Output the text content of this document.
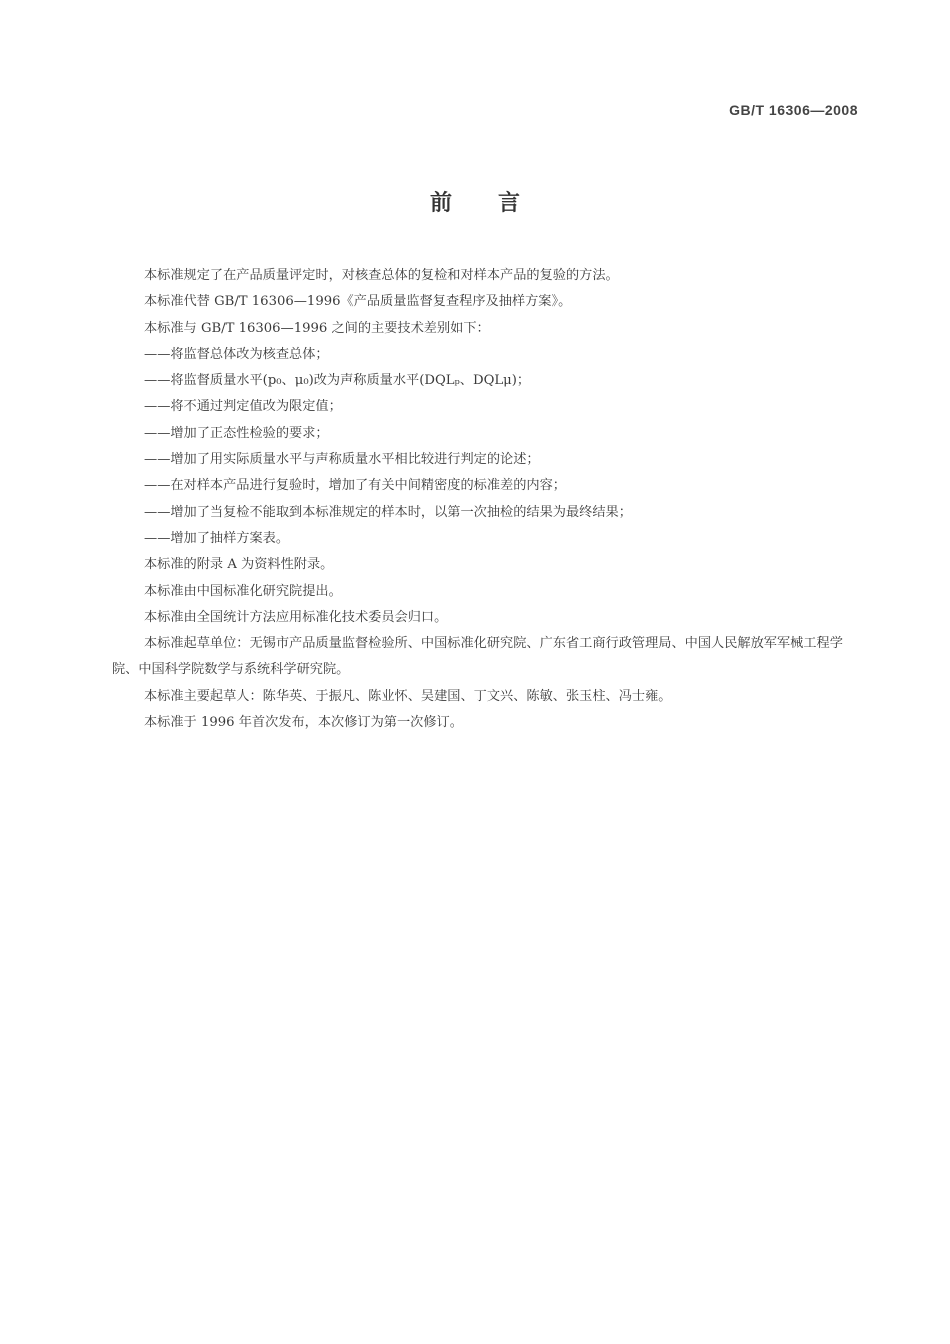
GB/T 16306—2008
前言

本标准规定了在产品质量评定时，对核查总体的复检和对样本产品的复验的方法。

本标准代替 GB/T 16306—1996《产品质量监督复查程序及抽样方案》。

本标准与 GB/T 16306—1996 之间的主要技术差别如下：

——将监督总体改为核查总体；

——将监督质量水平(p₀、μ₀)改为声称质量水平(DQLₚ、DQLμ)；

——将不通过判定值改为限定值；

——增加了正态性检验的要求；

——增加了用实际质量水平与声称质量水平相比较进行判定的论述；

——在对样本产品进行复验时，增加了有关中间精密度的标准差的内容；

——增加了当复检不能取到本标准规定的样本时，以第一次抽检的结果为最终结果；

——增加了抽样方案表。

本标准的附录 A 为资料性附录。

本标准由中国标准化研究院提出。

本标准由全国统计方法应用标准化技术委员会归口。

本标准起草单位：无锡市产品质量监督检验所、中国标准化研究院、广东省工商行政管理局、中国人民解放军军械工程学院、中国科学院数学与系统科学研究院。

本标准主要起草人：陈华英、于振凡、陈业怀、吴建国、丁文兴、陈敏、张玉柱、冯士雍。

本标准于 1996 年首次发布，本次修订为第一次修订。
